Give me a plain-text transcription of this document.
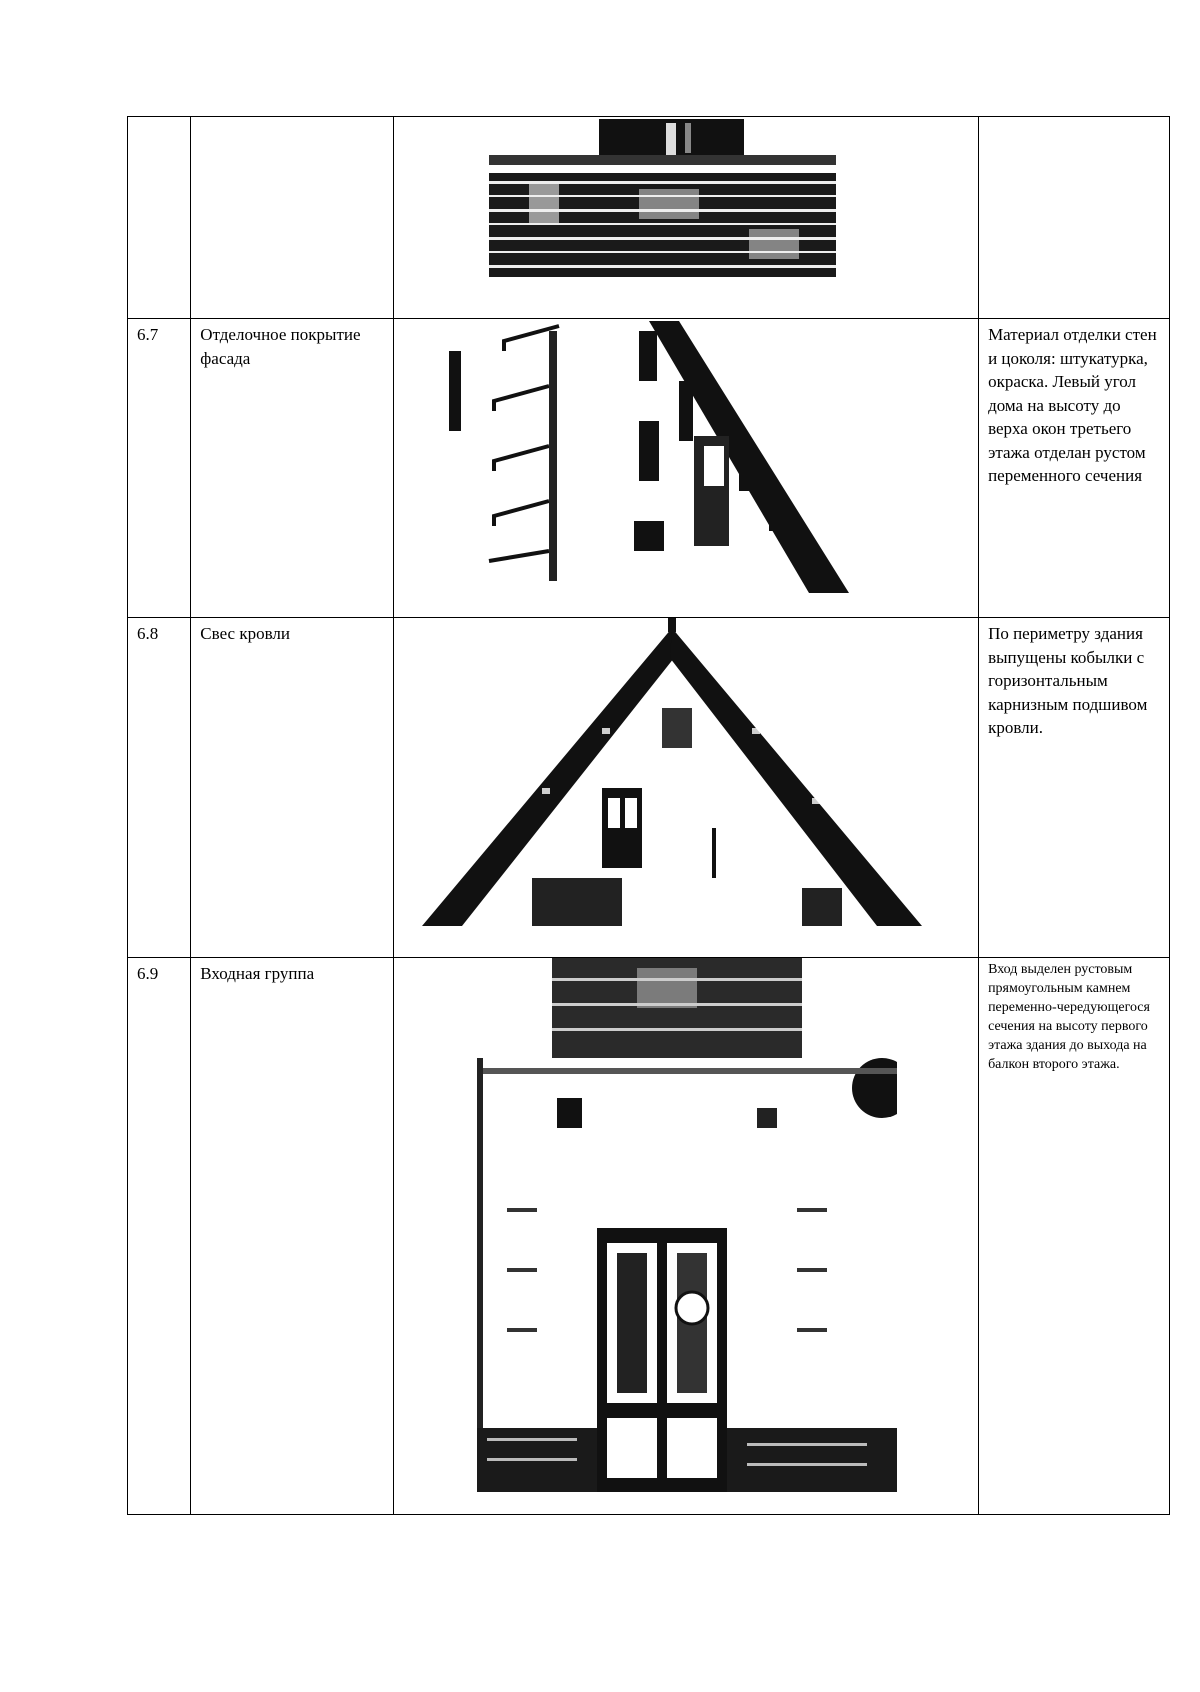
6.7	Отделочное покрытие фасада		Материал отделки стен и цоколя: штукатурка, окраска. Левый угол дома на высоту до верха окон третьего этажа отделан рустом переменного сечения

6.8	Свес кровли		По периметру здания выпущены кобылки с горизонтальным карнизным подшивом кровли.

6.9	Входная группа		Вход выделен рустовым прямоугольным камнем переменно-чередующегося сечения на высоту первого этажа здания до выхода на балкон второго этажа.
